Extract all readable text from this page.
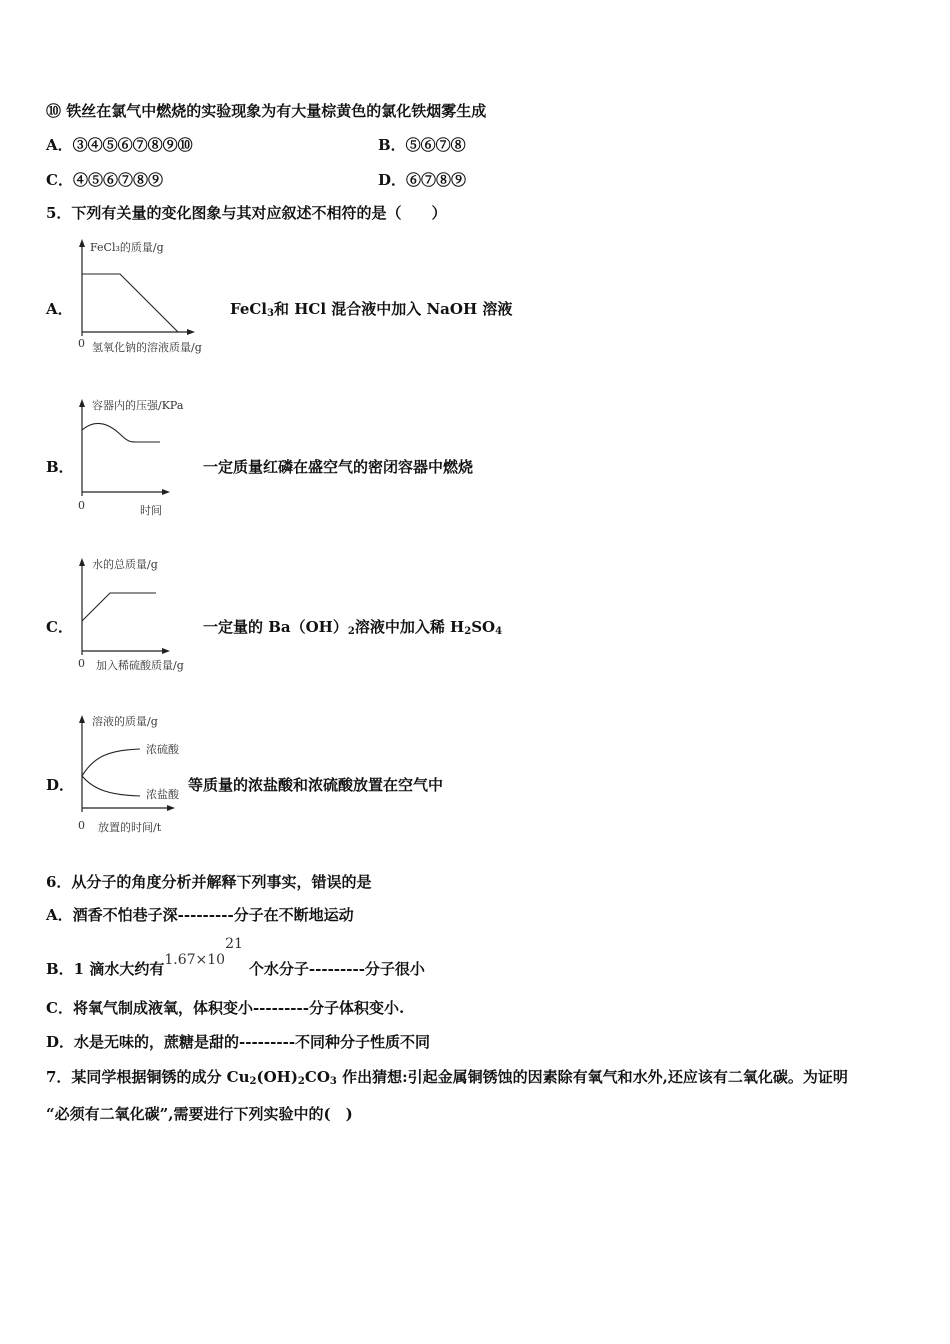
⑩ 铁丝在氯气中燃烧的实验现象为有大量棕黄色的氯化铁烟雾生成
A．③④⑤⑥⑦⑧⑨⑩	B．⑤⑥⑦⑧
C．④⑤⑥⑦⑧⑨	D．⑥⑦⑧⑨
5．下列有关量的变化图象与其对应叙述不相符的是（　　）
A．
FeCl₃的质量/g
0 氢氧化钠的溶液质量/g
FeCl$_3$和 HCl 混合液中加入 NaOH 溶液
B．
容器内的压强/KPa
0	时间
一定质量红磷在盛空气的密闭容器中燃烧
C．
水的总质量/g
0 加入稀硫酸质量/g
一定量的 $Ba(OH)_2$溶液中加入稀 $H_2SO_4$
D．
溶液的质量/g
浓硫酸
浓盐酸
0 放置的时间/t
等质量的浓盐酸和浓硫酸放置在空气中
6．从分子的角度分析并解释下列事实，错误的是
A．酒香不怕巷子深---------分子在不断地运动
B．1 滴水大约有1.67×1021个水分子---------分子很小
C．将氧气制成液氧，体积变小---------分子体积变小.
D．水是无味的，蔗糖是甜的---------不同种分子性质不同
7．某同学根据铜锈的成分 $Cu_2(OH)_2CO_3$ 作出猜想:引起金属铜锈蚀的因素除有氧气和水外,还应该有二氧化碳。为证明
“必须有二氧化碳”,需要进行下列实验中的(　)
